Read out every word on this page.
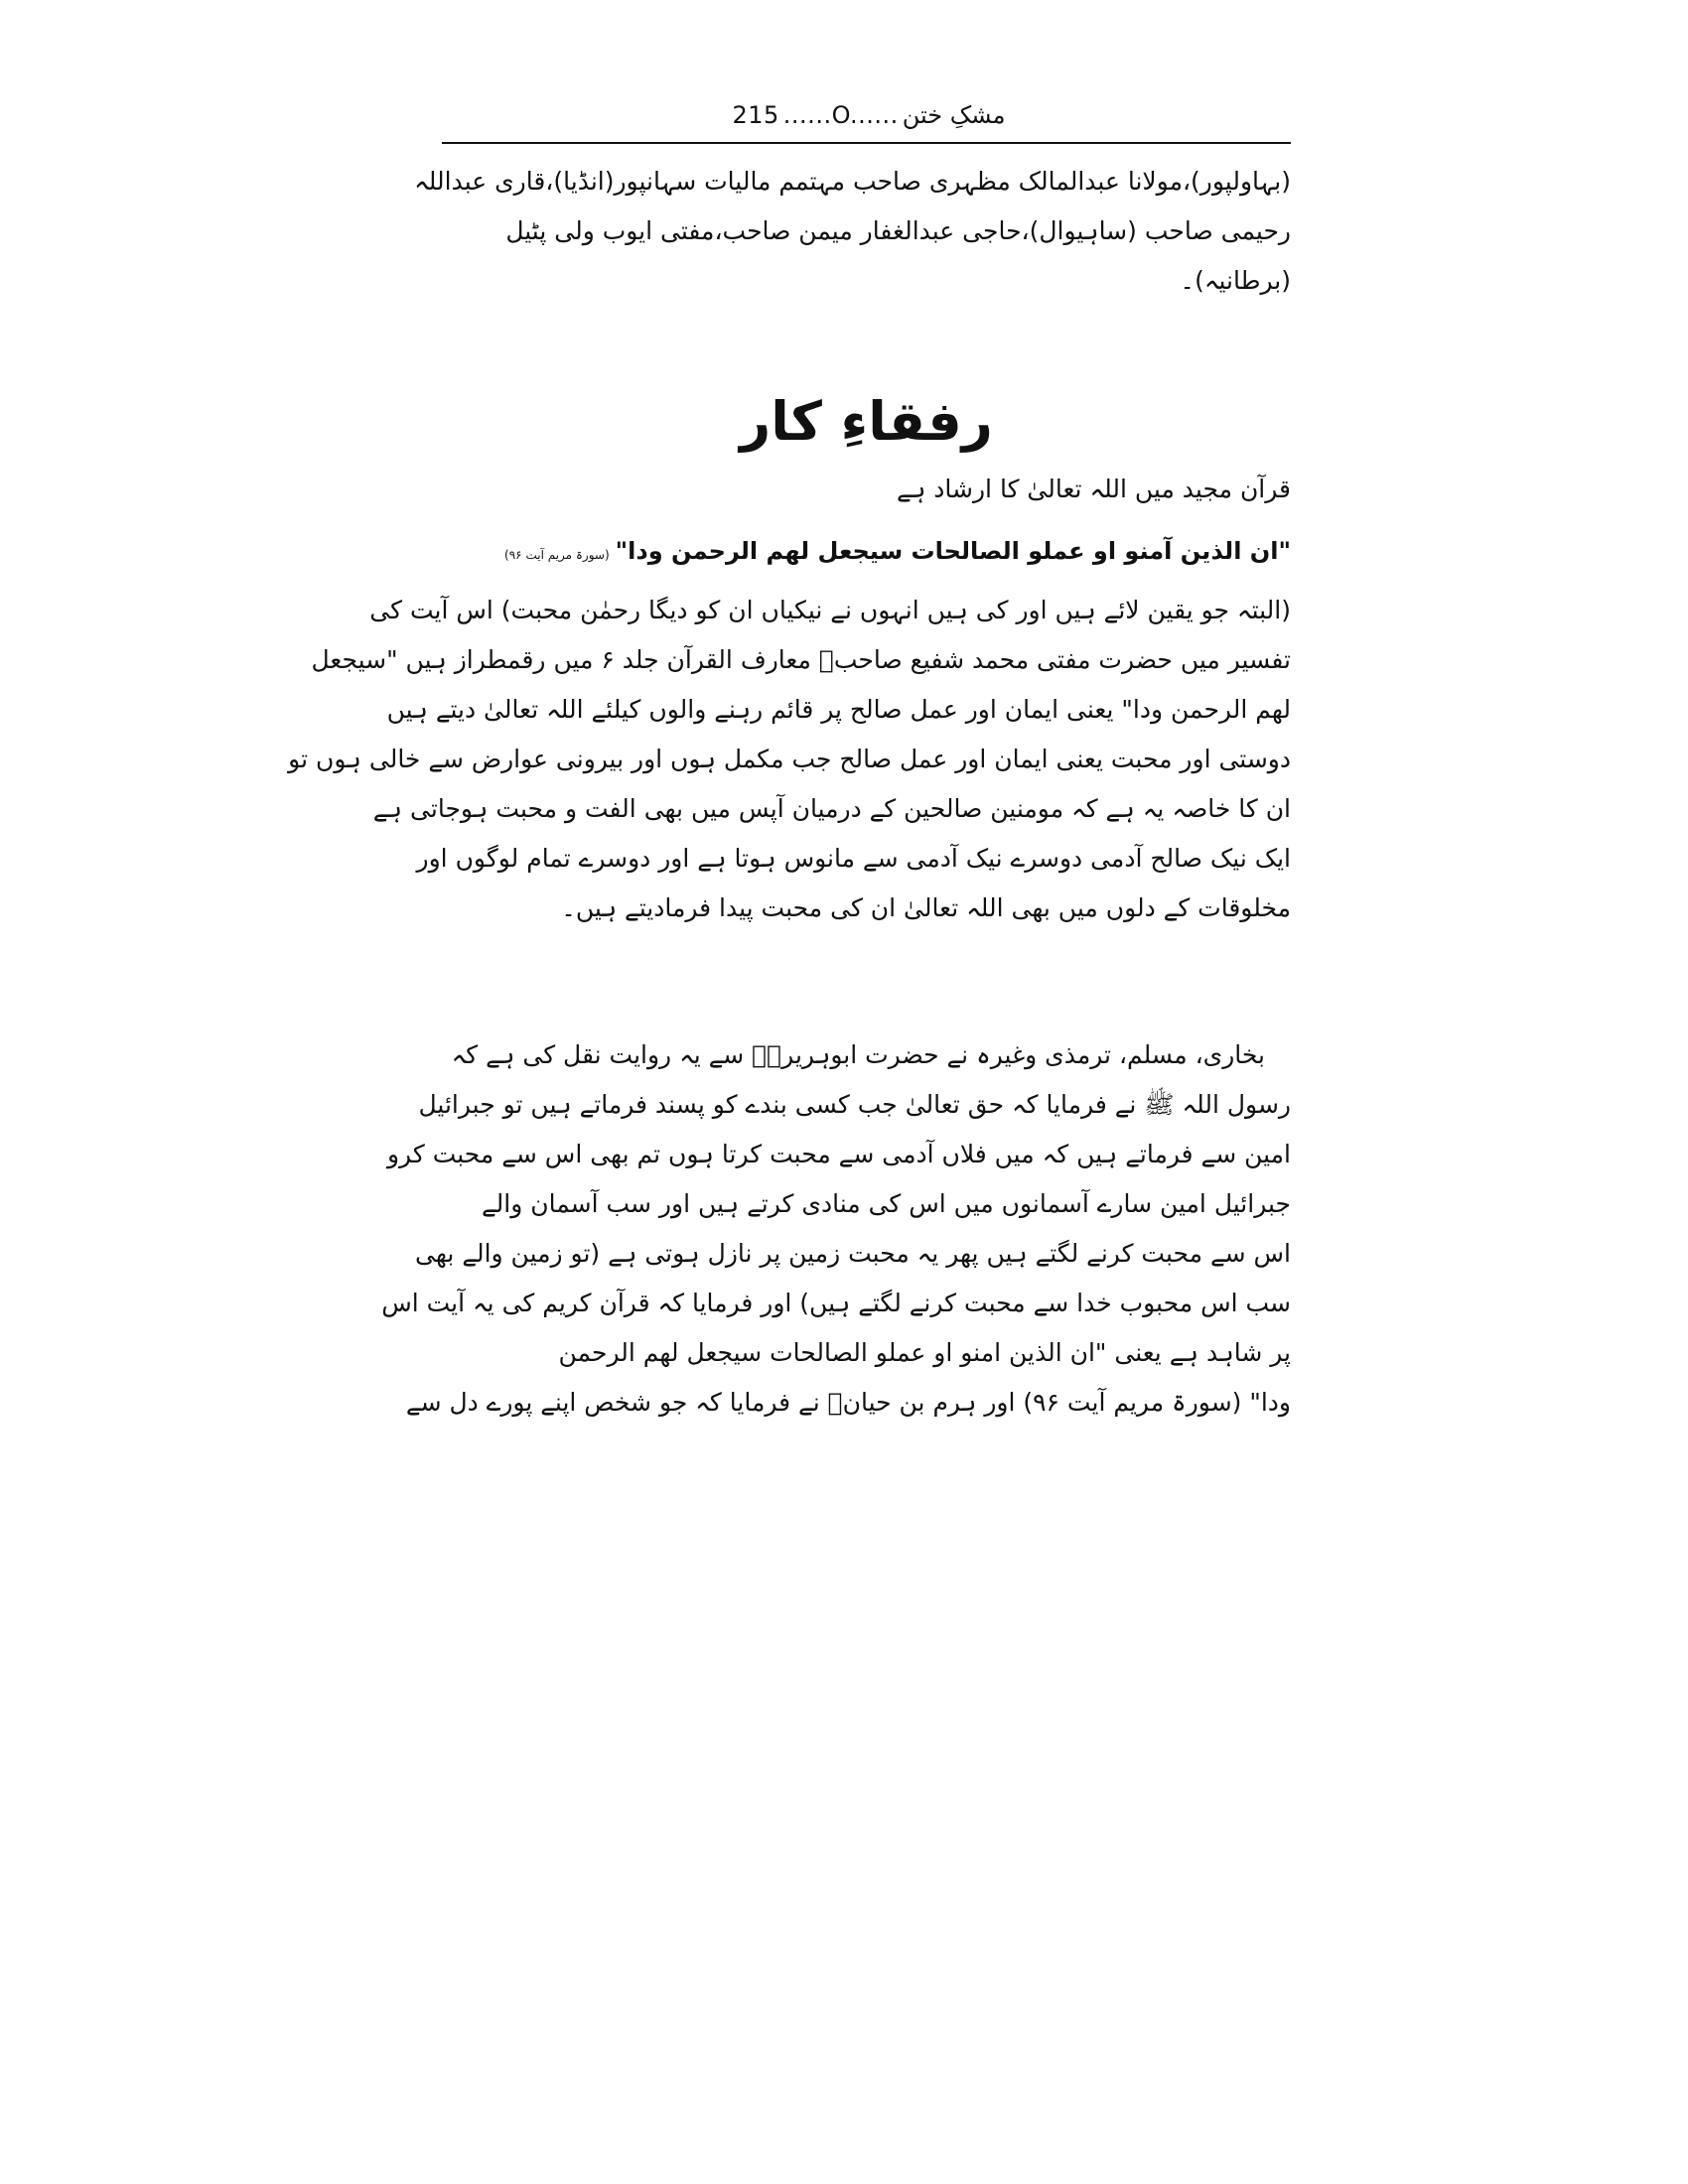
215 ......O...... مشکِ ختن
(بہاولپور)،مولانا عبدالمالک مظہری صاحب مہتمم مالیات سہانپور(انڈیا)،قاری عبداللہ
رحیمی صاحب (ساہیوال)،حاجی عبدالغفار میمن صاحب،مفتی ایوب ولی پٹیل
(برطانیہ)۔
رفقاءِ کار
قرآن مجید میں اللہ تعالیٰ کا ارشاد ہے
"ان الذین آمنو او عملو الصالحات سیجعل لھم الرحمن ودا"(سورۃ مریم آیت ۹۶)
(البتہ جو یقین لائے ہیں اور کی ہیں انہوں نے نیکیاں ان کو دیگا رحمٰن محبت) اس آیت کی
تفسیر میں حضرت مفتی محمد شفیع صاحبؒ معارف القرآن جلد ۶ میں رقمطراز ہیں "سیجعل
لھم الرحمن ودا" یعنی ایمان اور عمل صالح پر قائم رہنے والوں کیلئے اللہ تعالیٰ دیتے ہیں
دوستی اور محبت یعنی ایمان اور عمل صالح جب مکمل ہوں اور بیرونی عوارض سے خالی ہوں تو
ان کا خاصہ یہ ہے کہ مومنین صالحین کے درمیان آپس میں بھی الفت و محبت ہوجاتی ہے
ایک نیک صالح آدمی دوسرے نیک آدمی سے مانوس ہوتا ہے اور دوسرے تمام لوگوں اور
مخلوقات کے دلوں میں بھی اللہ تعالیٰ ان کی محبت پیدا فرمادیتے ہیں۔
بخاری، مسلم، ترمذی وغیرہ نے حضرت ابوہریرہؓ سے یہ روایت نقل کی ہے کہ
رسول اللہ ﷺ نے فرمایا کہ حق تعالیٰ جب کسی بندے کو پسند فرماتے ہیں تو جبرائیل
امین سے فرماتے ہیں کہ میں فلاں آدمی سے محبت کرتا ہوں تم بھی اس سے محبت کرو
جبرائیل امین سارے آسمانوں میں اس کی منادی کرتے ہیں اور سب آسمان والے
اس سے محبت کرنے لگتے ہیں پھر یہ محبت زمین پر نازل ہوتی ہے (تو زمین والے بھی
سب اس محبوب خدا سے محبت کرنے لگتے ہیں) اور فرمایا کہ قرآن کریم کی یہ آیت اس
پر شاہد ہے یعنی "ان الذین امنو او عملو الصالحات سیجعل لھم الرحمن
ودا" (سورۃ مریم آیت ۹۶) اور ہرم بن حیانؒ نے فرمایا کہ جو شخص اپنے پورے دل سے
